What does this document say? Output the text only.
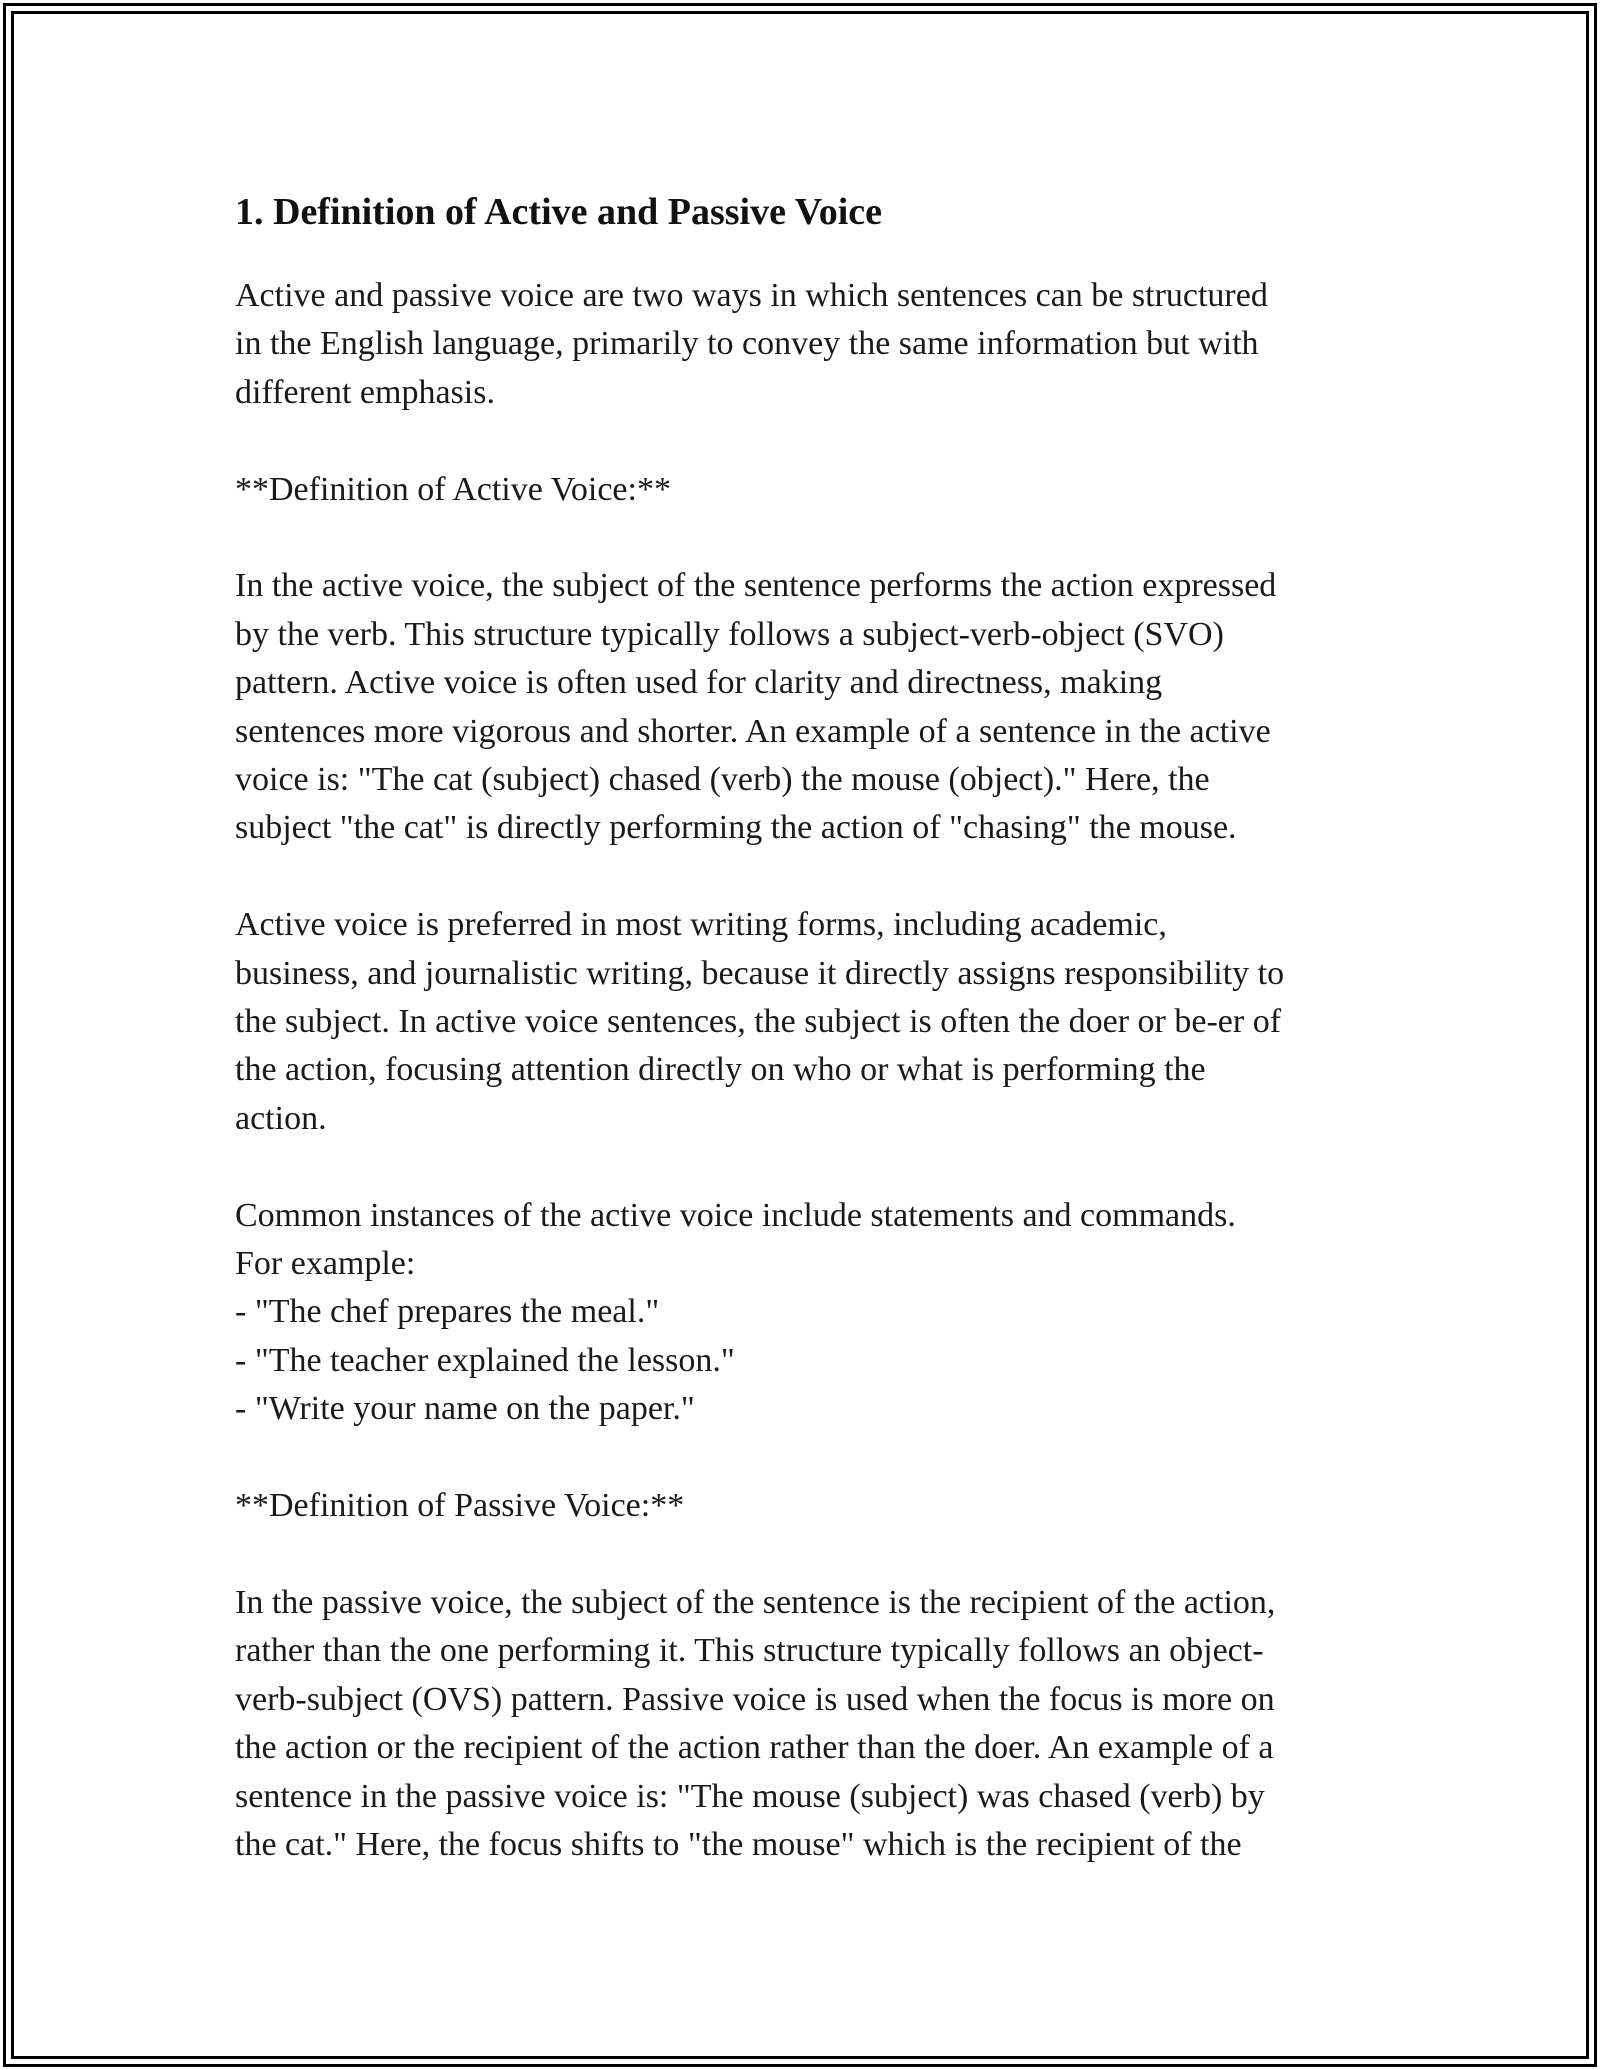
1. Definition of Active and Passive Voice
Active and passive voice are two ways in which sentences can be structured
in the English language, primarily to convey the same information but with
different emphasis.
**Definition of Active Voice:**
In the active voice, the subject of the sentence performs the action expressed
by the verb. This structure typically follows a subject-verb-object (SVO)
pattern. Active voice is often used for clarity and directness, making
sentences more vigorous and shorter. An example of a sentence in the active
voice is: "The cat (subject) chased (verb) the mouse (object)." Here, the
subject "the cat" is directly performing the action of "chasing" the mouse.
Active voice is preferred in most writing forms, including academic,
business, and journalistic writing, because it directly assigns responsibility to
the subject. In active voice sentences, the subject is often the doer or be-er of
the action, focusing attention directly on who or what is performing the
action.
Common instances of the active voice include statements and commands.
For example:
- "The chef prepares the meal."
- "The teacher explained the lesson."
- "Write your name on the paper."
**Definition of Passive Voice:**
In the passive voice, the subject of the sentence is the recipient of the action,
rather than the one performing it. This structure typically follows an object-
verb-subject (OVS) pattern. Passive voice is used when the focus is more on
the action or the recipient of the action rather than the doer. An example of a
sentence in the passive voice is: "The mouse (subject) was chased (verb) by
the cat." Here, the focus shifts to "the mouse" which is the recipient of the
